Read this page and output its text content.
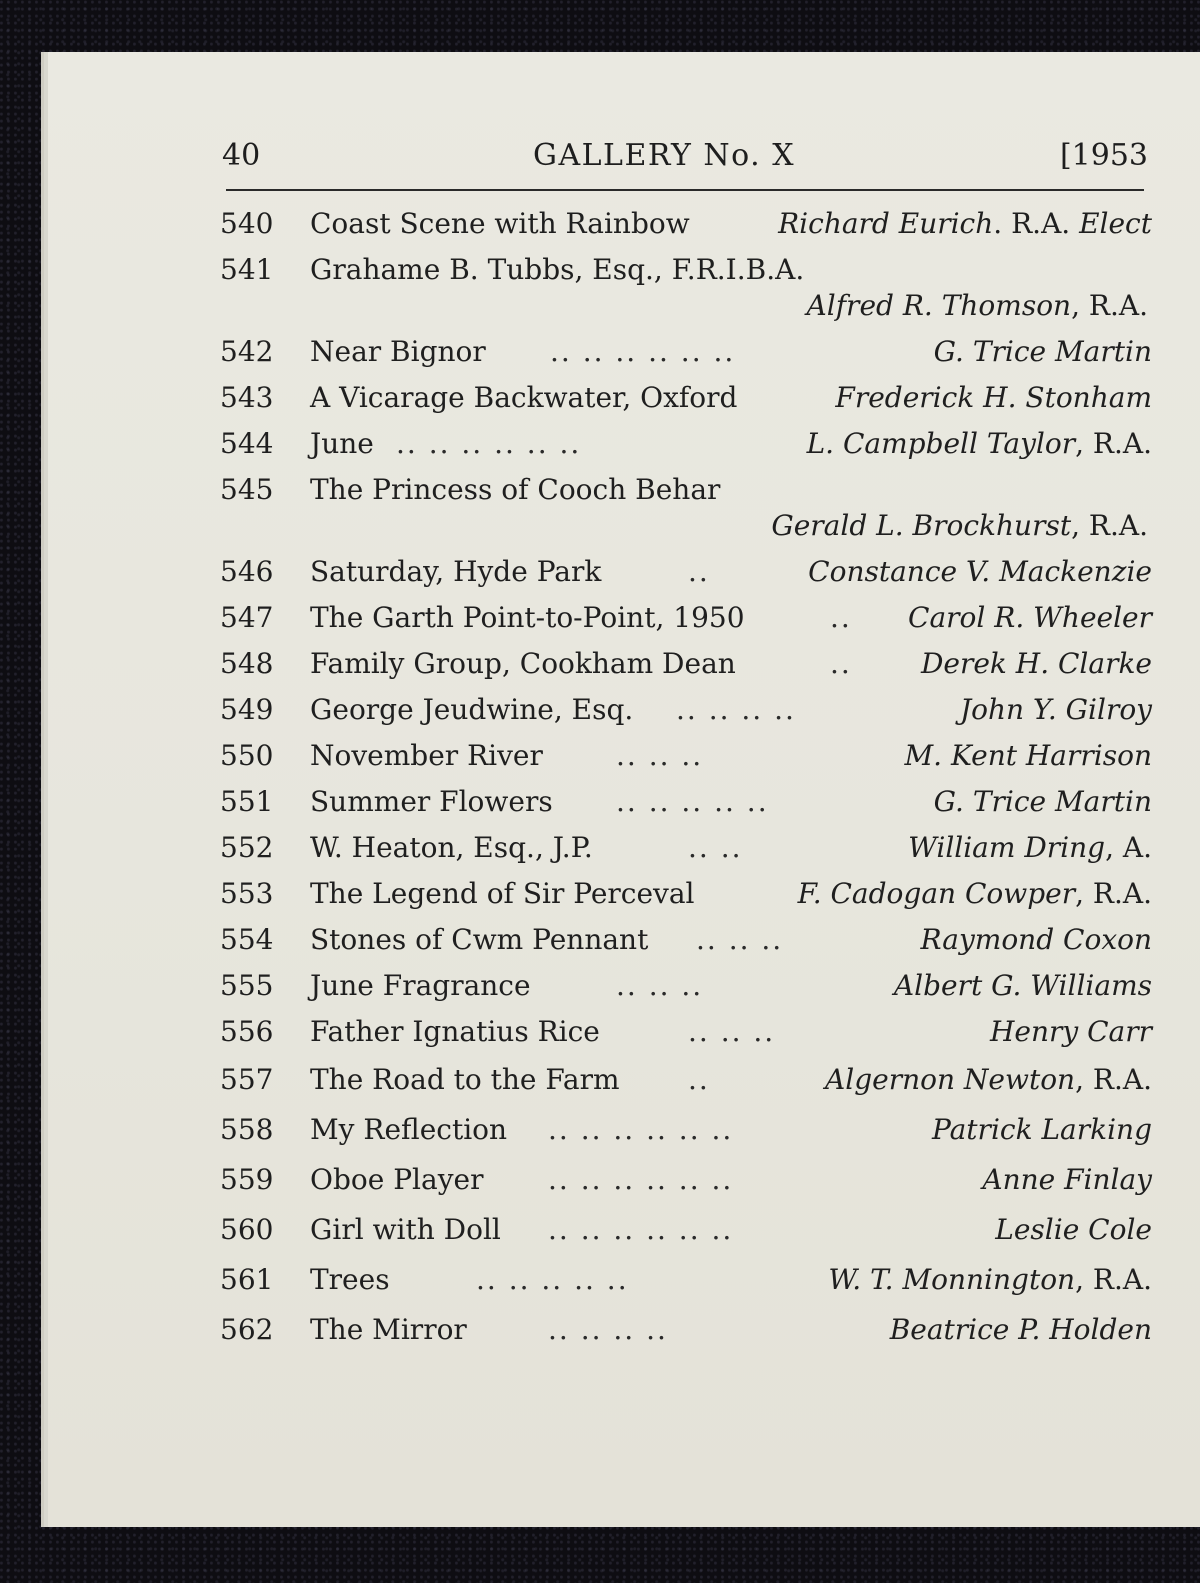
40	GALLERY No. X	[1953
540 Coast Scene with Rainbow	Richard Eurich. R.A. Elect
541 Grahame B. Tubbs, Esq., F.R.I.B.A.
Alfred R. Thomson, R.A.
542 Near Bignor .. .. .. .. .. ..	G. Trice Martin
543 A Vicarage Backwater, Oxford	Frederick H. Stonham
544 June .. .. .. .. .. ..	L. Campbell Taylor, R.A.
545 The Princess of Cooch Behar
Gerald L. Brockhurst, R.A.
546 Saturday, Hyde Park	..	Constance V. Mackenzie
547 The Garth Point-to-Point, 1950	.. Carol R. Wheeler
548 Family Group, Cookham Dean	.. Derek H. Clarke
549 George Jeudwine, Esq. .. .. .. ..	John Y. Gilroy
550 November River	.. .. ..	M. Kent Harrison
551 Summer Flowers .. .. .. .. ..	G. Trice Martin
552 W. Heaton, Esq., J.P.	.. ..	William Dring, A.
553 The Legend of Sir Perceval	F. Cadogan Cowper, R.A.
554 Stones of Cwm Pennant .. .. ..	Raymond Coxon
555 June Fragrance	.. .. ..	Albert G. Williams
556 Father Ignatius Rice	.. .. ..	Henry Carr
557 The Road to the Farm ..	Algernon Newton, R.A.
558 My Reflection .. .. .. .. .. ..	Patrick Larking
559 Oboe Player .. .. .. .. .. ..	Anne Finlay
560 Girl with Doll .. .. .. .. .. ..	Leslie Cole
561 Trees	.. .. .. .. ..	W. T. Monnington, R.A.
562 The Mirror	.. .. .. ..	Beatrice P. Holden
